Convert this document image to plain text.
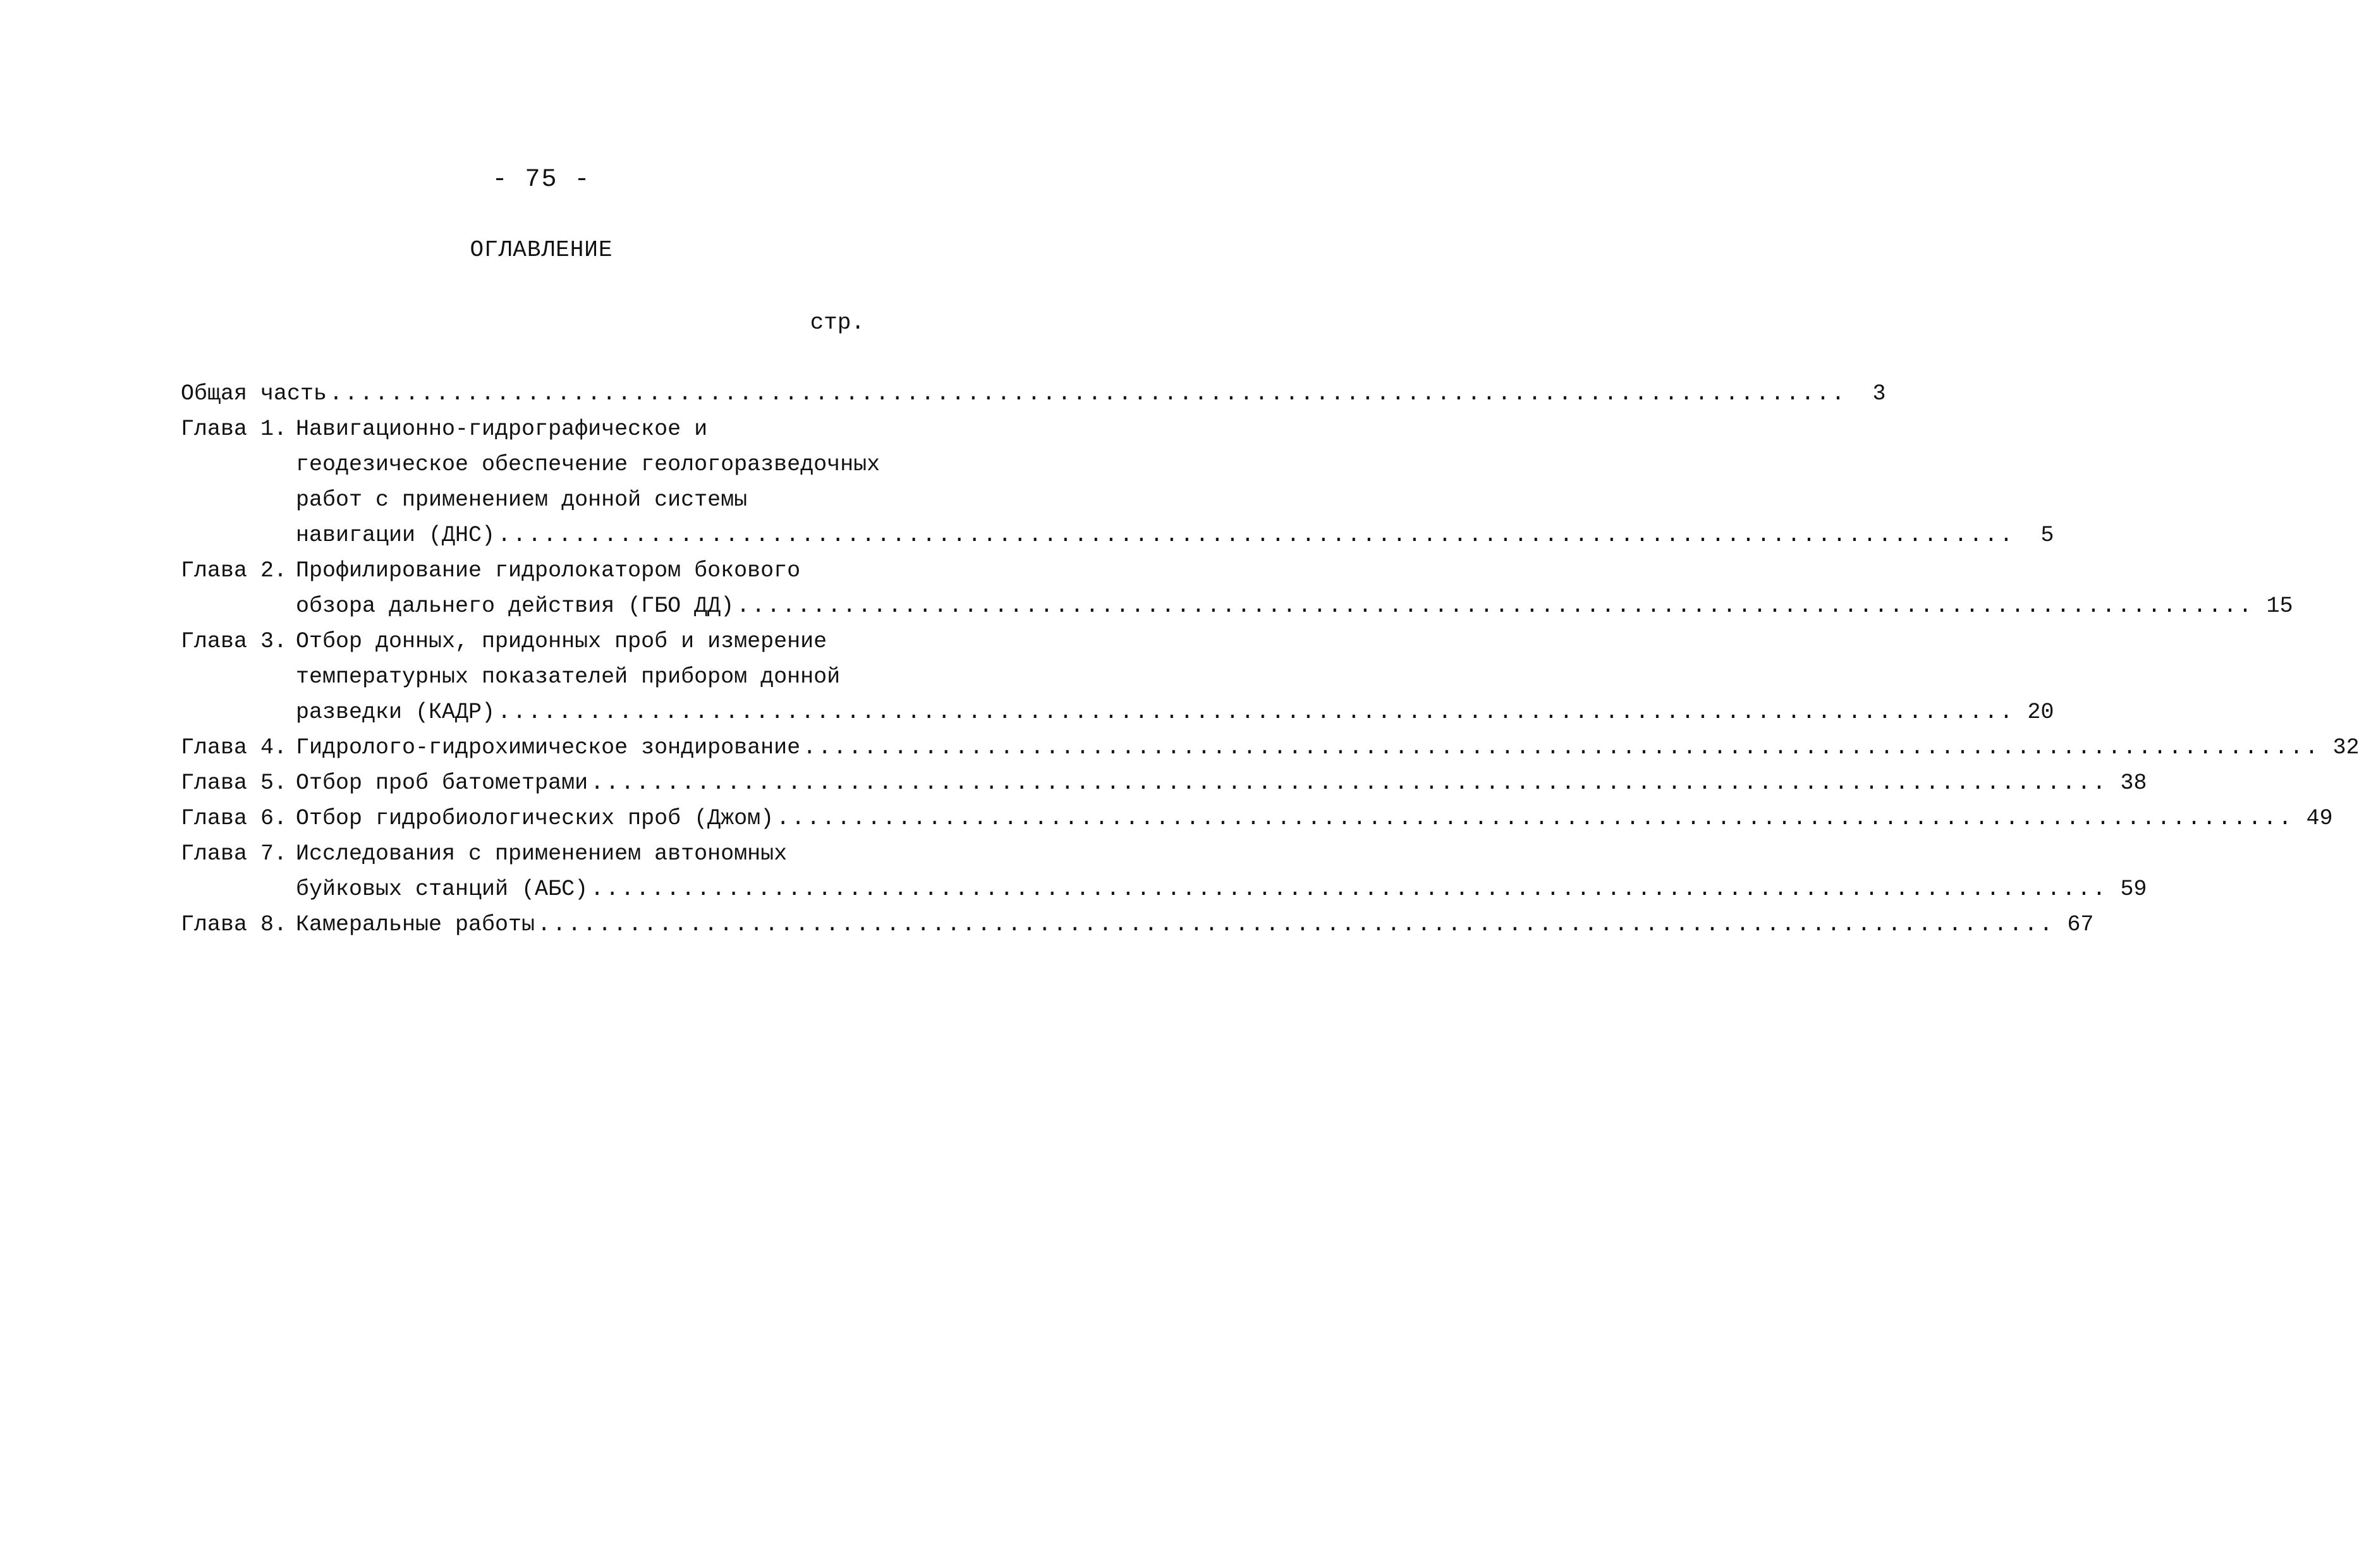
- 75 -
ОГЛАВЛЕНИЕ
стр.
Общая часть ....................................................................................................	3
Глава 1. Навигационно-гидрографическое и
геодезическое обеспечение геологоразведочных
работ с применением донной системы
навигации (ДНС) ....................................................................................................	5
Глава 2. Профилирование гидролокатором бокового
обзора дальнего действия (ГБО ДД) .................................................................................................... 15
Глава 3. Отбор донных, придонных проб и измерение
температурных показателей прибором донной
разведки (КАДР) .................................................................................................... 20
Глава 4. Гидролого-гидрохимическое зондирование .................................................................................................... 32
Глава 5. Отбор проб батометрами .................................................................................................... 38
Глава 6. Отбор гидробиологических проб (Джом) .................................................................................................... 49
Глава 7. Исследования с применением автономных
буйковых станций (АБС) .................................................................................................... 59
Глава 8. Камеральные работы .................................................................................................... 67
